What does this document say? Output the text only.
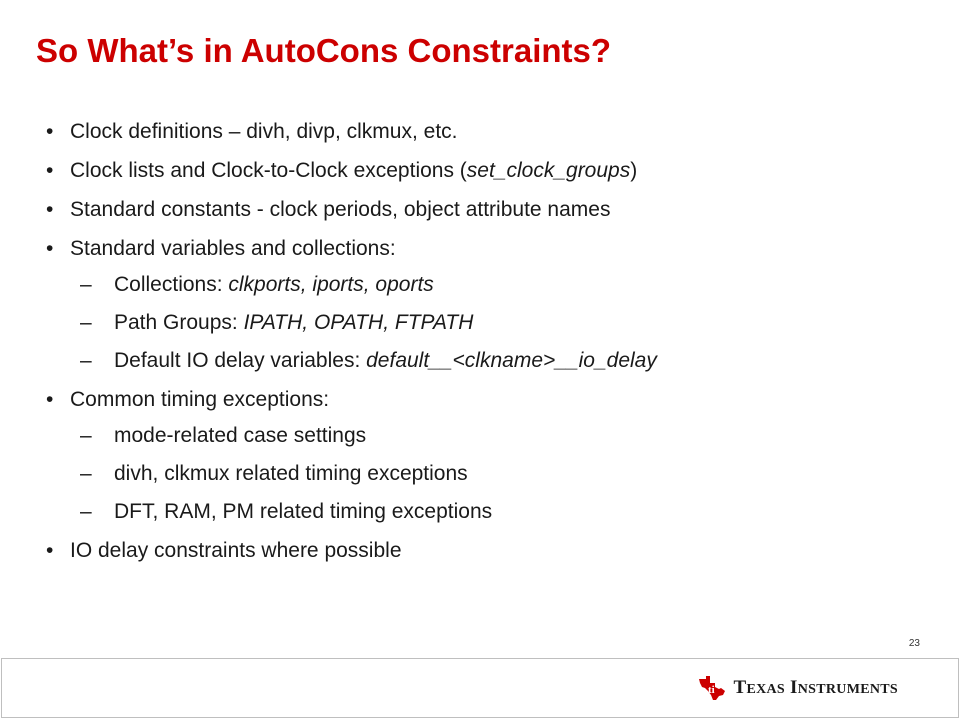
So What’s in AutoCons Constraints?
• Clock definitions – divh, divp, clkmux, etc.
• Clock lists and Clock-to-Clock exceptions (set_clock_groups)
• Standard constants - clock periods, object attribute names
• Standard variables and collections:
– Collections: clkports, iports, oports
– Path Groups: IPATH, OPATH, FTPATH
– Default IO delay variables: default__<clkname>__io_delay
• Common timing exceptions:
– mode-related case settings
– divh, clkmux related timing exceptions
– DFT, RAM, PM related timing exceptions
• IO delay constraints where possible
23
ti TEXAS INSTRUMENTS
